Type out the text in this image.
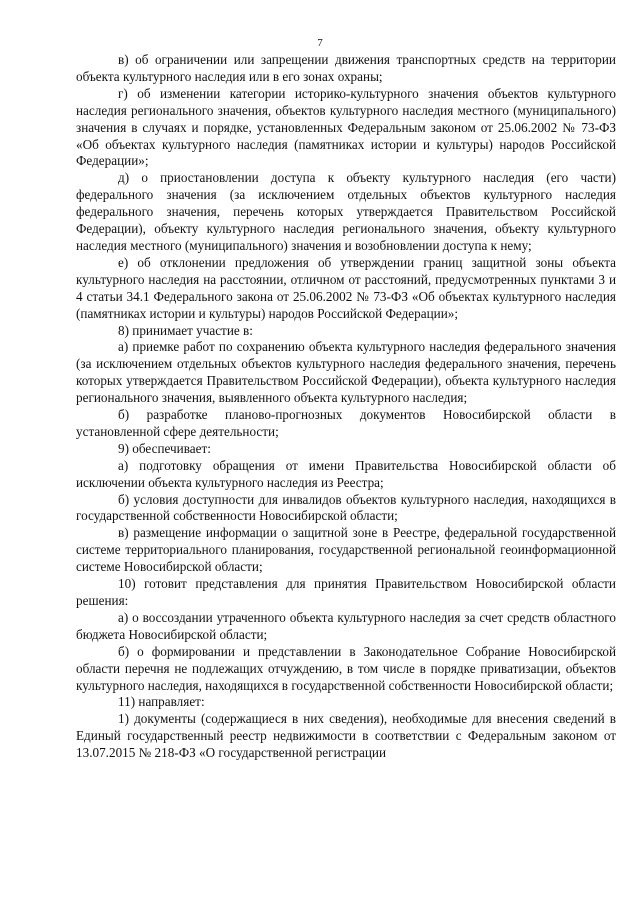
7

в) об ограничении или запрещении движения транспортных средств на территории объекта культурного наследия или в его зонах охраны;

г) об изменении категории историко-культурного значения объектов культурного наследия регионального значения, объектов культурного наследия местного (муниципального) значения в случаях и порядке, установленных Федеральным законом от 25.06.2002 № 73-ФЗ «Об объектах культурного наследия (памятниках истории и культуры) народов Российской Федерации»;

д) о приостановлении доступа к объекту культурного наследия (его части) федерального значения (за исключением отдельных объектов культурного наследия федерального значения, перечень которых утверждается Правительством Российской Федерации), объекту культурного наследия регионального значения, объекту культурного наследия местного (муниципального) значения и возобновлении доступа к нему;

е) об отклонении предложения об утверждении границ защитной зоны объекта культурного наследия на расстоянии, отличном от расстояний, предусмотренных пунктами 3 и 4 статьи 34.1 Федерального закона от 25.06.2002 № 73-ФЗ «Об объектах культурного наследия (памятниках истории и культуры) народов Российской Федерации»;

8) принимает участие в:

а) приемке работ по сохранению объекта культурного наследия федерального значения (за исключением отдельных объектов культурного наследия федерального значения, перечень которых утверждается Правительством Российской Федерации), объекта культурного наследия регионального значения, выявленного объекта культурного наследия;

б) разработке планово-прогнозных документов Новосибирской области в установленной сфере деятельности;

9) обеспечивает:

а) подготовку обращения от имени Правительства Новосибирской области об исключении объекта культурного наследия из Реестра;

б) условия доступности для инвалидов объектов культурного наследия, находящихся в государственной собственности Новосибирской области;

в) размещение информации о защитной зоне в Реестре, федеральной государственной системе территориального планирования, государственной региональной геоинформационной системе Новосибирской области;

10) готовит представления для принятия Правительством Новосибирской области решения:

а) о воссоздании утраченного объекта культурного наследия за счет средств областного бюджета Новосибирской области;

б) о формировании и представлении в Законодательное Собрание Новосибирской области перечня не подлежащих отчуждению, в том числе в порядке приватизации, объектов культурного наследия, находящихся в государственной собственности Новосибирской области;

11) направляет:

1) документы (содержащиеся в них сведения), необходимые для внесения сведений в Единый государственный реестр недвижимости в соответствии с Федеральным законом от 13.07.2015 № 218-ФЗ «О государственной регистрации
